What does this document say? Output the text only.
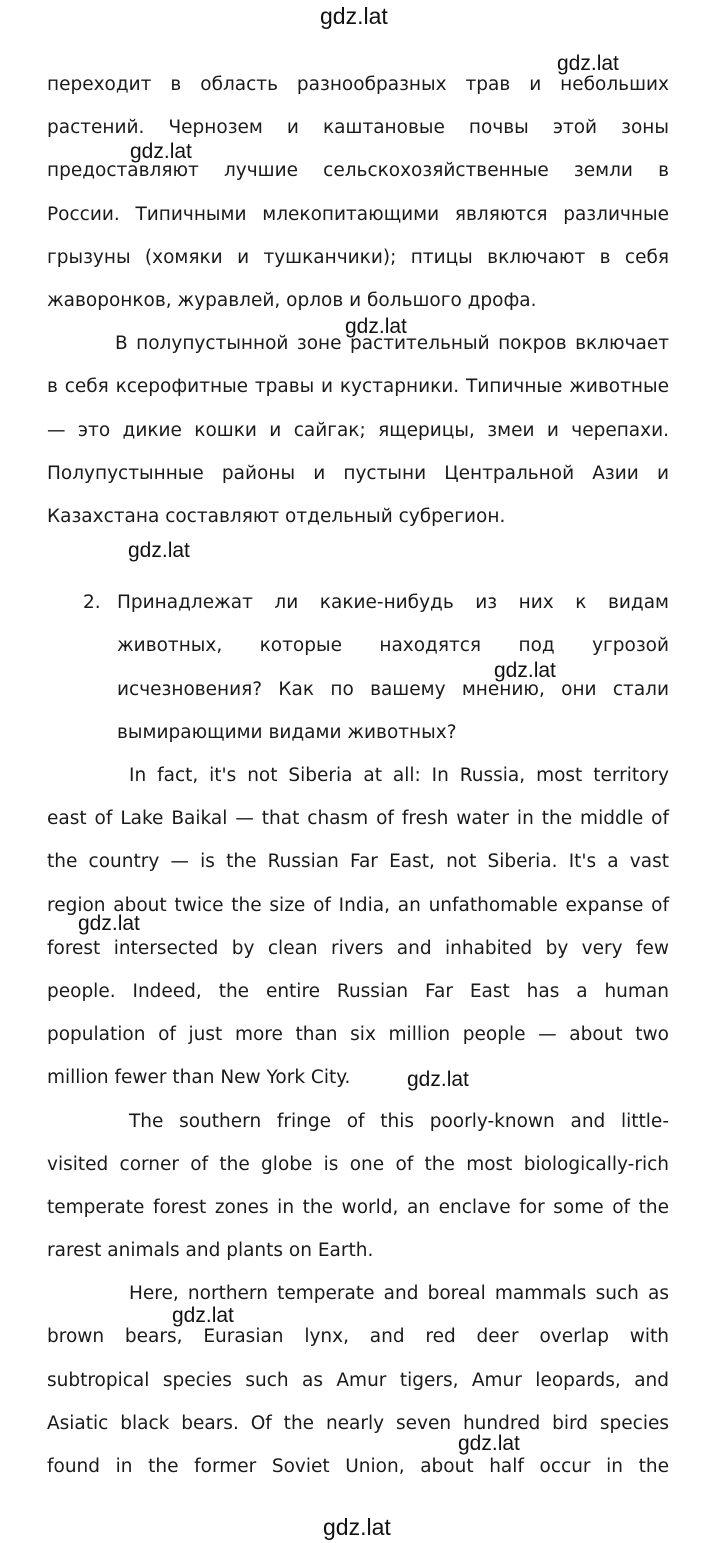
gdz.lat
gdz.lat
gdz.lat
gdz.lat
gdz.lat
gdz.lat
gdz.lat
gdz.lat
gdz.lat
gdz.lat
gdz.lat
переходит в область разнообразных трав и небольших
растений. Чернозем и каштановые почвы этой зоны
предоставляют лучшие сельскохозяйственные земли в
России. Типичными млекопитающими являются различные
грызуны (хомяки и тушканчики); птицы включают в себя
жаворонков, журавлей, орлов и большого дрофа.
В полупустынной зоне растительный покров включает
в себя ксерофитные травы и кустарники. Типичные животные
— это дикие кошки и сайгак; ящерицы, змеи и черепахи.
Полупустынные районы и пустыни Центральной Азии и
Казахстана составляют отдельный субрегион.
2. Принадлежат ли какие-нибудь из них к видам
животных, которые находятся под угрозой
исчезновения? Как по вашему мнению, они стали
вымирающими видами животных?
In fact, it's not Siberia at all: In Russia, most territory
east of Lake Baikal — that chasm of fresh water in the middle of
the country — is the Russian Far East, not Siberia. It's a vast
region about twice the size of India, an unfathomable expanse of
forest intersected by clean rivers and inhabited by very few
people. Indeed, the entire Russian Far East has a human
population of just more than six million people — about two
million fewer than New York City.
The southern fringe of this poorly-known and little-
visited corner of the globe is one of the most biologically-rich
temperate forest zones in the world, an enclave for some of the
rarest animals and plants on Earth.
Here, northern temperate and boreal mammals such as
brown bears, Eurasian lynx, and red deer overlap with
subtropical species such as Amur tigers, Amur leopards, and
Asiatic black bears. Of the nearly seven hundred bird species
found in the former Soviet Union, about half occur in the
